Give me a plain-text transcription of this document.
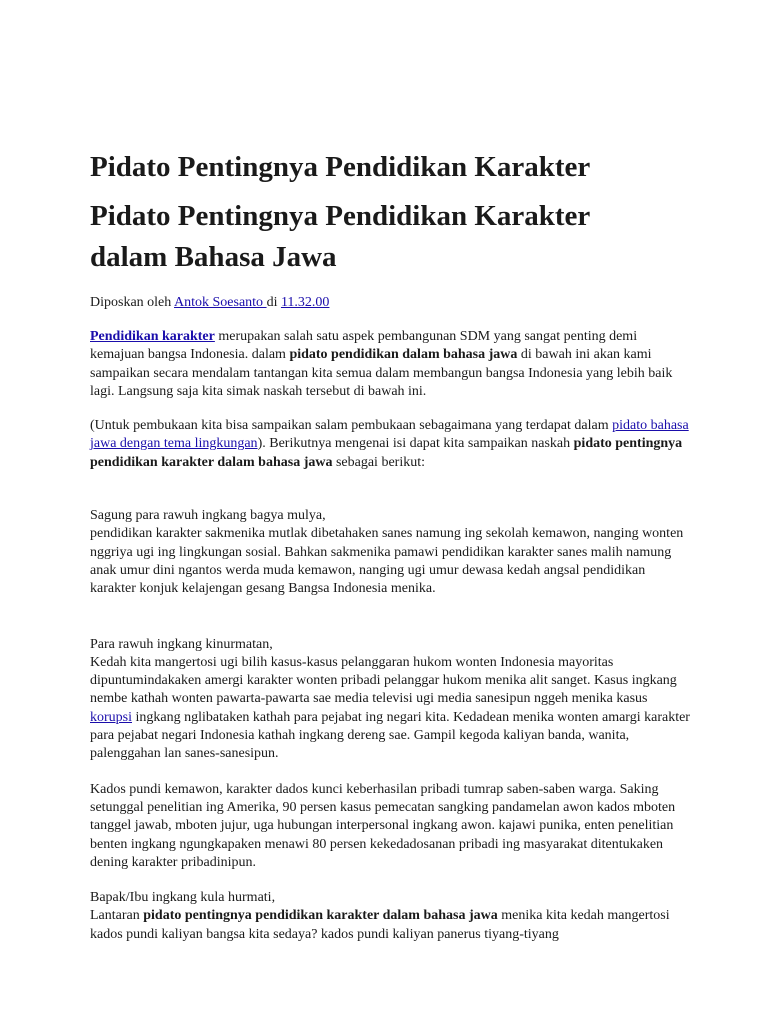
Pidato Pentingnya Pendidikan Karakter
Pidato Pentingnya Pendidikan Karakter
dalam Bahasa Jawa
Diposkan oleh Antok Soesanto di 11.32.00

Pendidikan karakter merupakan salah satu aspek pembangunan SDM yang sangat penting demi kemajuan bangsa Indonesia. dalam pidato pendidikan dalam bahasa jawa di bawah ini akan kami sampaikan secara mendalam tantangan kita semua dalam membangun bangsa Indonesia yang lebih baik lagi. Langsung saja kita simak naskah tersebut di bawah ini.

(Untuk pembukaan kita bisa sampaikan salam pembukaan sebagaimana yang terdapat dalam pidato bahasa jawa dengan tema lingkungan). Berikutnya mengenai isi dapat kita sampaikan naskah pidato pentingnya pendidikan karakter dalam bahasa jawa sebagai berikut:

Sagung para rawuh ingkang bagya mulya,
pendidikan karakter sakmenika mutlak dibetahaken sanes namung ing sekolah kemawon, nanging wonten nggriya ugi ing lingkungan sosial. Bahkan sakmenika pamawi pendidikan karakter sanes malih namung anak umur dini ngantos werda muda kemawon, nanging ugi umur dewasa kedah angsal pendidikan karakter konjuk kelajengan gesang Bangsa Indonesia menika.

Para rawuh ingkang kinurmatan,
Kedah kita mangertosi ugi bilih kasus-kasus pelanggaran hukom wonten Indonesia mayoritas dipuntumindakaken amergi karakter wonten pribadi pelanggar hukom menika alit sanget. Kasus ingkang nembe kathah wonten pawarta-pawarta sae media televisi ugi media sanesipun nggeh menika kasus korupsi ingkang nglibataken kathah para pejabat ing negari kita. Kedadean menika wonten amargi karakter para pejabat negari Indonesia kathah ingkang dereng sae. Gampil kegoda kaliyan banda, wanita, palenggahan lan sanes-sanesipun.

Kados pundi kemawon, karakter dados kunci keberhasilan pribadi tumrap saben-saben warga. Saking setunggal penelitian ing Amerika, 90 persen kasus pemecatan sangking pandamelan awon kados mboten tanggel jawab, mboten jujur, uga hubungan interpersonal ingkang awon. kajawi punika, enten penelitian benten ingkang ngungkapaken menawi 80 persen kekedadosanan pribadi ing masyarakat ditentukaken dening karakter pribadinipun.

Bapak/Ibu ingkang kula hurmati,
Lantaran pidato pentingnya pendidikan karakter dalam bahasa jawa menika kita kedah mangertosi kados pundi kaliyan bangsa kita sedaya? kados pundi kaliyan panerus tiyang-tiyang
